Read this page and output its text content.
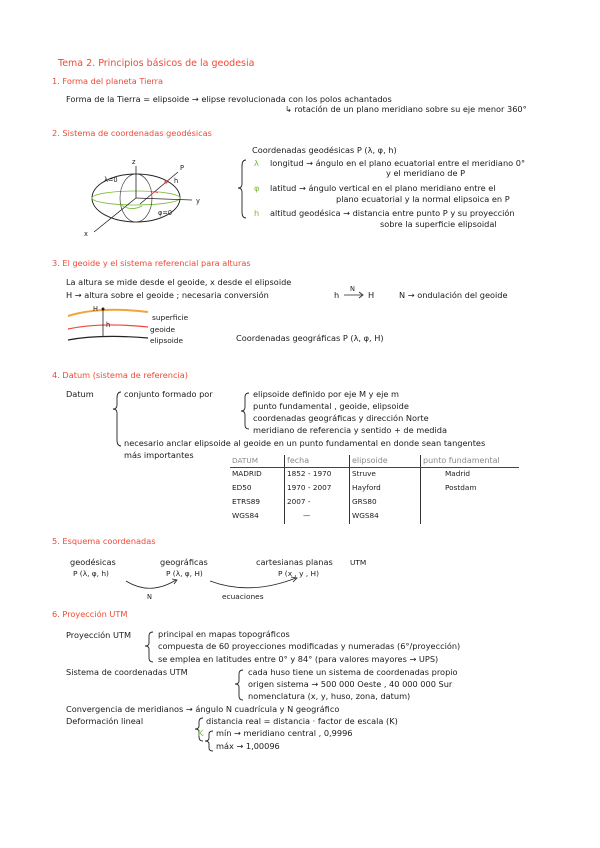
Tema 2. Principios básicos de la geodesia
1. Forma del planeta Tierra
Forma de la Tierra = elipsoide → elipse revolucionada con los polos achantados
↳ rotación de un plano meridiano sobre su eje menor 360°
2. Sistema de coordenadas geodésicas
z
P
y
x
h
φ=0
λ=0
Coordenadas geodésicas P (λ, φ, h)
λ longitud → ángulo en el plano ecuatorial entre el meridiano 0°
y el meridiano de P
φ latitud → ángulo vertical en el plano meridiano entre el
plano ecuatorial y la normal elipsoica en P
h altitud geodésica → distancia entre punto P y su proyección
sobre la superficie elipsoidal
3. El geoide y el sistema referencial para alturas
La altura se mide desde el geoide, x desde el elipsoide
H → altura sobre el geoide ; necesaria conversión	h
N
H	N → ondulación del geoide
H
h
superficie
geoide
elipsoide	Coordenadas geográficas P (λ, φ, H)
4. Datum (sistema de referencia)
Datum	conjunto formado por	elipsoide definido por eje M y eje m
punto fundamental , geoide, elipsoide
coordenadas geográficas y dirección Norte
meridiano de referencia y sentido + de medida
necesario anclar elipsoide al geoide en un punto fundamental en donde sean tangentes
más importantes	DATUM	fecha	elipsoide	punto fundamental
MADRID	1852 - 1970	Struve	Madrid
ED50	1970 - 2007	Hayford	Postdam
ETRS89	2007 -	GRS80	
WGS84	—	WGS84	
5. Esquema coordenadas
geodésicas	geográficas	cartesianas planas UTM
P (λ, φ, h)	P (λ, φ, H)	P (x , y , H)
N	ecuaciones
6. Proyección UTM
Proyección UTM	principal en mapas topográficos
compuesta de 60 proyecciones modificadas y numeradas (6°/proyección)
se emplea en latitudes entre 0° y 84° (para valores mayores → UPS)
Sistema de coordenadas UTM	cada huso tiene un sistema de coordenadas propio
origen sistema → 500 000 Oeste , 40 000 000 Sur
nomenclatura (x, y, huso, zona, datum)
Convergencia de meridianos → ángulo N cuadrícula y N geográfico
Deformación lineal	distancia real = distancia · factor de escala (K)
K mín → meridiano central , 0,9996
máx → 1,00096
